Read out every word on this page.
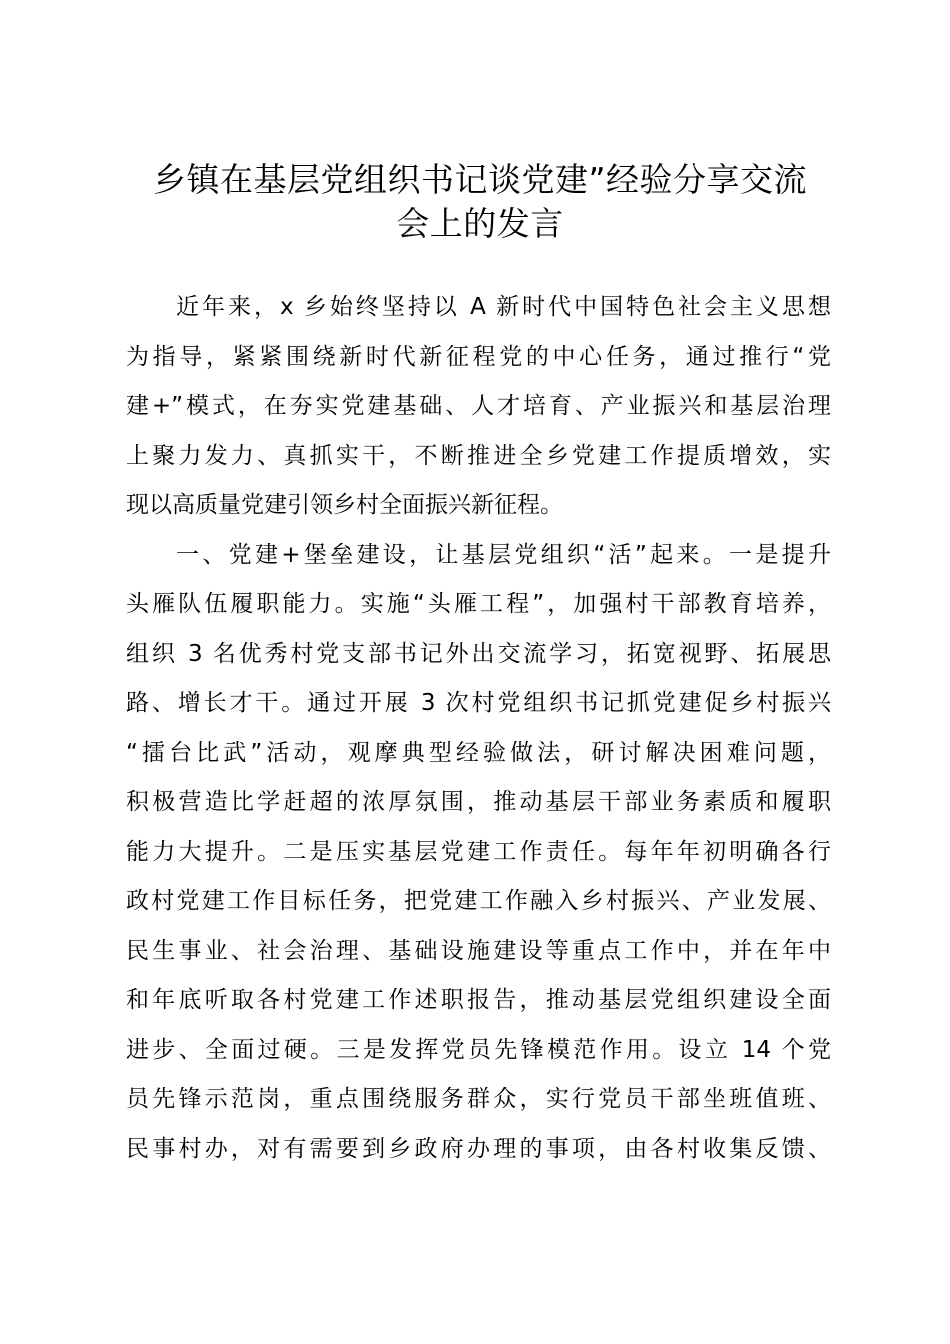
乡镇在基层党组织书记谈党建”经验分享交流
会上的发言
近年来，x 乡始终坚持以 A 新时代中国特色社会主义思想
为指导，紧紧围绕新时代新征程党的中心任务，通过推行“党
建+”模式，在夯实党建基础、人才培育、产业振兴和基层治理
上聚力发力、真抓实干，不断推进全乡党建工作提质增效，实
现以高质量党建引领乡村全面振兴新征程。
一、党建+堡垒建设，让基层党组织“活”起来。一是提升
头雁队伍履职能力。实施“头雁工程”，加强村干部教育培养，
组织 3 名优秀村党支部书记外出交流学习，拓宽视野、拓展思
路、增长才干。通过开展 3 次村党组织书记抓党建促乡村振兴
“擂台比武”活动，观摩典型经验做法，研讨解决困难问题，
积极营造比学赶超的浓厚氛围，推动基层干部业务素质和履职
能力大提升。二是压实基层党建工作责任。每年年初明确各行
政村党建工作目标任务，把党建工作融入乡村振兴、产业发展、
民生事业、社会治理、基础设施建设等重点工作中，并在年中
和年底听取各村党建工作述职报告，推动基层党组织建设全面
进步、全面过硬。三是发挥党员先锋模范作用。设立 14 个党
员先锋示范岗，重点围绕服务群众，实行党员干部坐班值班、
民事村办，对有需要到乡政府办理的事项，由各村收集反馈、
